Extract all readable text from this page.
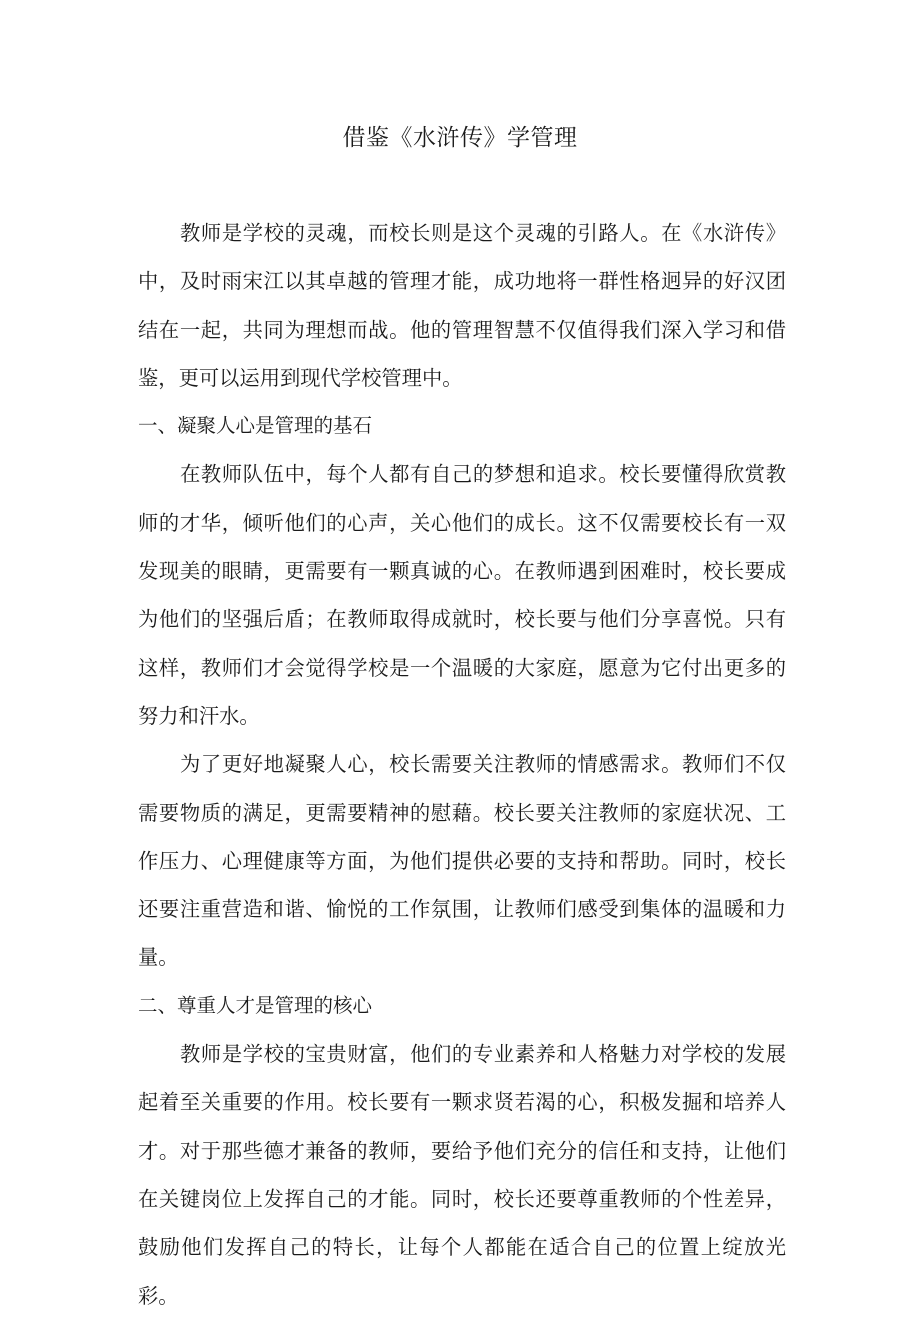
借鉴《水浒传》学管理

教师是学校的灵魂，而校长则是这个灵魂的引路人。在《水浒传》中，及时雨宋江以其卓越的管理才能，成功地将一群性格迥异的好汉团结在一起，共同为理想而战。他的管理智慧不仅值得我们深入学习和借鉴，更可以运用到现代学校管理中。

一、凝聚人心是管理的基石

在教师队伍中，每个人都有自己的梦想和追求。校长要懂得欣赏教师的才华，倾听他们的心声，关心他们的成长。这不仅需要校长有一双发现美的眼睛，更需要有一颗真诚的心。在教师遇到困难时，校长要成为他们的坚强后盾；在教师取得成就时，校长要与他们分享喜悦。只有这样，教师们才会觉得学校是一个温暖的大家庭，愿意为它付出更多的努力和汗水。

为了更好地凝聚人心，校长需要关注教师的情感需求。教师们不仅需要物质的满足，更需要精神的慰藉。校长要关注教师的家庭状况、工作压力、心理健康等方面，为他们提供必要的支持和帮助。同时，校长还要注重营造和谐、愉悦的工作氛围，让教师们感受到集体的温暖和力量。

二、尊重人才是管理的核心

教师是学校的宝贵财富，他们的专业素养和人格魅力对学校的发展起着至关重要的作用。校长要有一颗求贤若渴的心，积极发掘和培养人才。对于那些德才兼备的教师，要给予他们充分的信任和支持，让他们在关键岗位上发挥自己的才能。同时，校长还要尊重教师的个性差异，鼓励他们发挥自己的特长，让每个人都能在适合自己的位置上绽放光彩。
